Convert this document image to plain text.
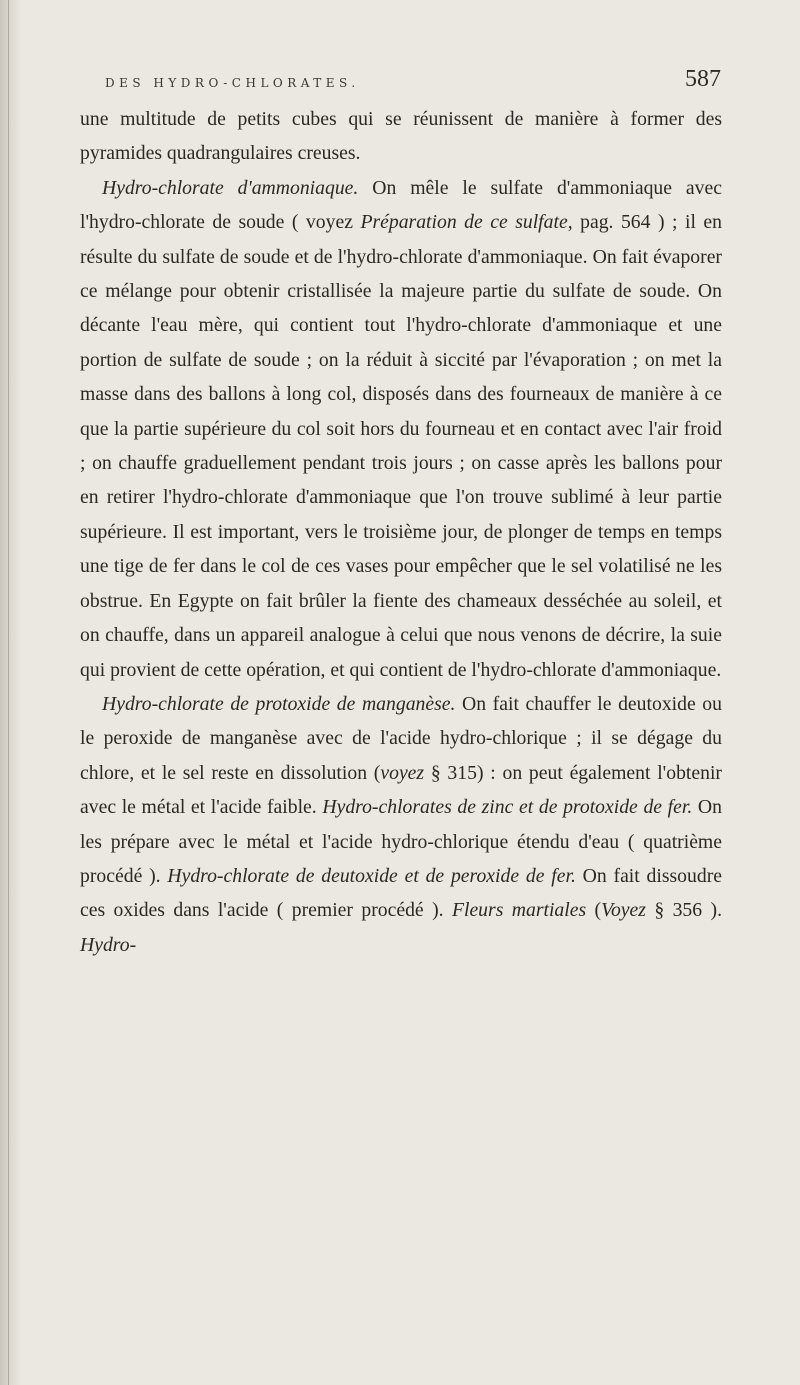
DES HYDRO-CHLORATES.	587

une multitude de petits cubes qui se réunissent de manière à former des pyramides quadrangulaires creuses.

Hydro-chlorate d'ammoniaque. On mêle le sulfate d'ammoniaque avec l'hydro-chlorate de soude ( voyez Préparation de ce sulfate, pag. 564 ) ; il en résulte du sulfate de soude et de l'hydro-chlorate d'ammoniaque. On fait évaporer ce mélange pour obtenir cristallisée la majeure partie du sulfate de soude. On décante l'eau mère, qui contient tout l'hydro-chlorate d'ammoniaque et une portion de sulfate de soude ; on la réduit à siccité par l'évaporation ; on met la masse dans des ballons à long col, disposés dans des fourneaux de manière à ce que la partie supérieure du col soit hors du fourneau et en contact avec l'air froid ; on chauffe graduellement pendant trois jours ; on casse après les ballons pour en retirer l'hydro-chlorate d'ammoniaque que l'on trouve sublimé à leur partie supérieure. Il est important, vers le troisième jour, de plonger de temps en temps une tige de fer dans le col de ces vases pour empêcher que le sel volatilisé ne les obstrue. En Egypte on fait brûler la fiente des chameaux desséchée au soleil, et on chauffe, dans un appareil analogue à celui que nous venons de décrire, la suie qui provient de cette opération, et qui contient de l'hydro-chlorate d'ammoniaque.

Hydro-chlorate de protoxide de manganèse. On fait chauffer le deutoxide ou le peroxide de manganèse avec de l'acide hydro-chlorique ; il se dégage du chlore, et le sel reste en dissolution (voyez § 315) : on peut également l'obtenir avec le métal et l'acide faible. Hydro-chlorates de zinc et de protoxide de fer. On les prépare avec le métal et l'acide hydro-chlorique étendu d'eau ( quatrième procédé ). Hydro-chlorate de deutoxide et de peroxide de fer. On fait dissoudre ces oxides dans l'acide ( premier procédé ). Fleurs martiales (Voyez § 356 ). Hydro-
